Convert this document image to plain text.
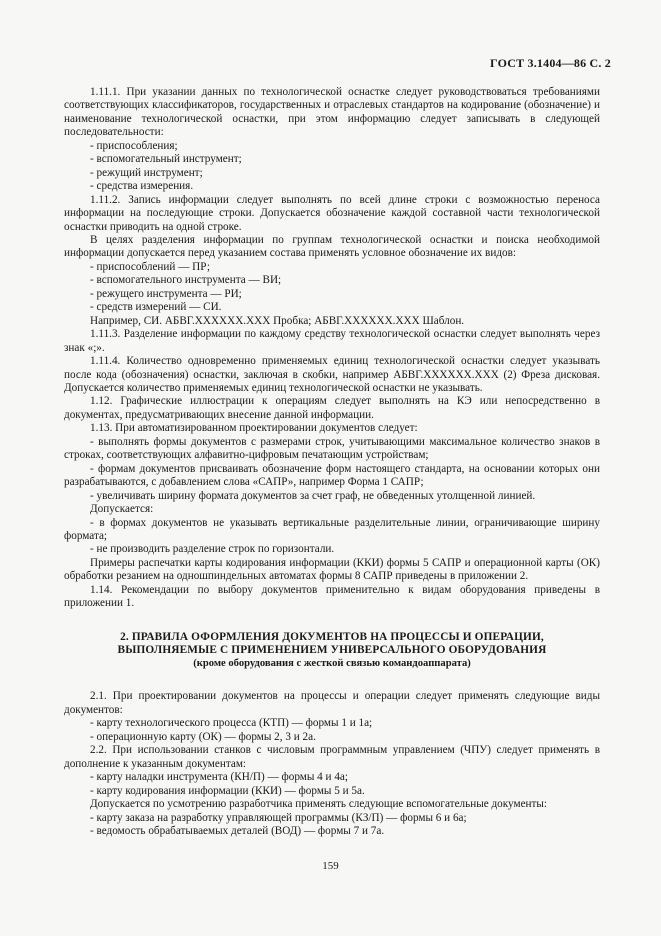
ГОСТ 3.1404—86 С. 2

1.11.1. При указании данных по технологической оснастке следует руководствоваться требованиями соответствующих классификаторов, государственных и отраслевых стандартов на кодирование (обозначение) и наименование технологической оснастки, при этом информацию следует записывать в следующей последовательности:

- приспособления;

- вспомогательный инструмент;

- режущий инструмент;

- средства измерения.

1.11.2. Запись информации следует выполнять по всей длине строки с возможностью переноса информации на последующие строки. Допускается обозначение каждой составной части технологической оснастки приводить на одной строке.

В целях разделения информации по группам технологической оснастки и поиска необходимой информации допускается перед указанием состава применять условное обозначение их видов:

- приспособлений — ПР;

- вспомогательного инструмента — ВИ;

- режущего инструмента — РИ;

- средств измерений — СИ.

Например, СИ. АБВГ.XXXXXX.XXX Пробка; АБВГ.XXXXXX.XXX Шаблон.

1.11.3. Разделение информации по каждому средству технологической оснастки следует выполнять через знак «;».

1.11.4. Количество одновременно применяемых единиц технологической оснастки следует указывать после кода (обозначения) оснастки, заключая в скобки, например АБВГ.XXXXXX.XXX (2) Фреза дисковая. Допускается количество применяемых единиц технологической оснастки не указывать.

1.12. Графические иллюстрации к операциям следует выполнять на КЭ или непосредственно в документах, предусматривающих внесение данной информации.

1.13. При автоматизированном проектировании документов следует:

- выполнять формы документов с размерами строк, учитывающими максимальное количество знаков в строках, соответствующих алфавитно-цифровым печатающим устройствам;

- формам документов присваивать обозначение форм настоящего стандарта, на основании которых они разрабатываются, с добавлением слова «САПР», например Форма 1 САПР;

- увеличивать ширину формата документов за счет граф, не обведенных утолщенной линией.

Допускается:

- в формах документов не указывать вертикальные разделительные линии, ограничивающие ширину формата;

- не производить разделение строк по горизонтали.

Примеры распечатки карты кодирования информации (ККИ) формы 5 САПР и операционной карты (ОК) обработки резанием на одношпиндельных автоматах формы 8 САПР приведены в приложении 2.

1.14. Рекомендации по выбору документов применительно к видам оборудования приведены в приложении 1.

2. ПРАВИЛА ОФОРМЛЕНИЯ ДОКУМЕНТОВ НА ПРОЦЕССЫ И ОПЕРАЦИИ,
ВЫПОЛНЯЕМЫЕ С ПРИМЕНЕНИЕМ УНИВЕРСАЛЬНОГО ОБОРУДОВАНИЯ
(кроме оборудования с жесткой связью командоаппарата)

2.1. При проектировании документов на процессы и операции следует применять следующие виды документов:

- карту технологического процесса (КТП) — формы 1 и 1а;

- операционную карту (ОК) — формы 2, 3 и 2а.

2.2. При использовании станков с числовым программным управлением (ЧПУ) следует применять в дополнение к указанным документам:

- карту наладки инструмента (КН/П) — формы 4 и 4а;

- карту кодирования информации (ККИ) — формы 5 и 5а.

Допускается по усмотрению разработчика применять следующие вспомогательные документы:

- карту заказа на разработку управляющей программы (КЗ/П) — формы 6 и 6а;

- ведомость обрабатываемых деталей (ВОД) — формы 7 и 7а.

159
